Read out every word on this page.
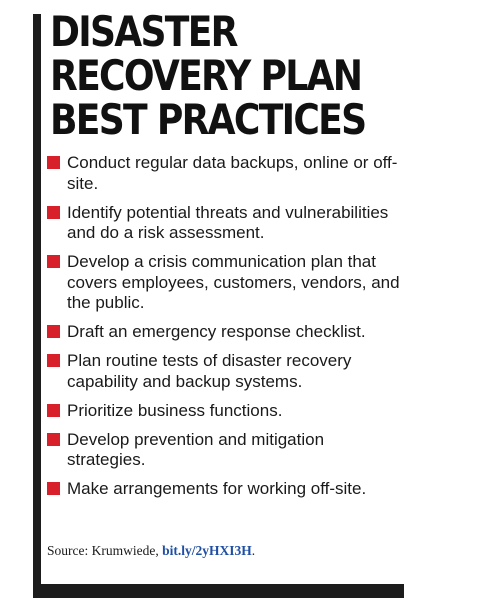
DISASTER
RECOVERY PLAN
BEST PRACTICES
Conduct regular data backups, online or off-site.
Identify potential threats and vulnerabilities and do a risk assessment.
Develop a crisis communication plan that covers employees, customers, vendors, and the public.
Draft an emergency response checklist.
Plan routine tests of disaster recovery capability and backup systems.
Prioritize business functions.
Develop prevention and mitigation strategies.
Make arrangements for working off-site.

Source: Krumwiede, bit.ly/2yHXI3H.
